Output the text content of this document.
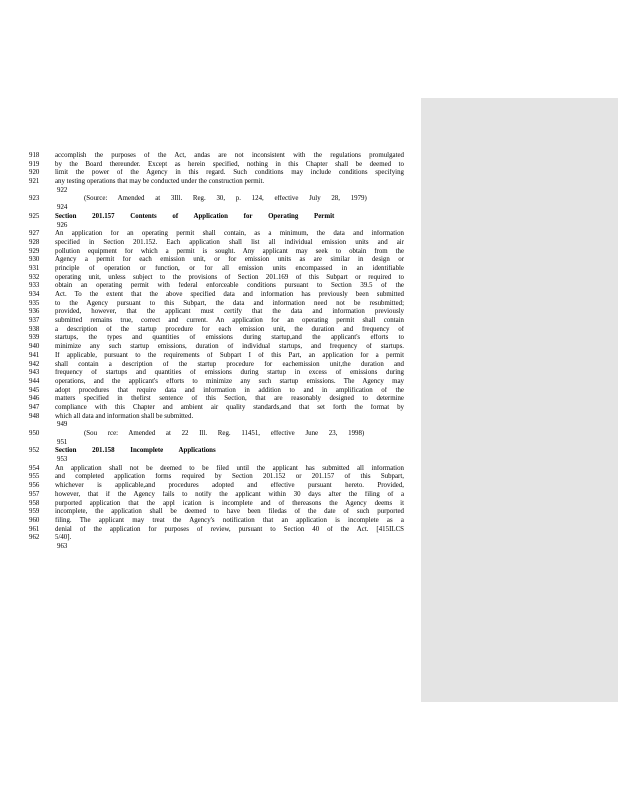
918	accomplish the purposes of the Act, andas are not inconsistent with the regulations promulgated
919	by the Board thereunder. Except as herein specified, nothing in this Chapter shall be deemed to
920	limit the power of the Agency in this regard. Such conditions may include conditions specifying
921	any testing operations that may be conducted under the construction permit.
922
923	(Source: Amended at 3Ill. Reg. 30, p. 124, effective July 28, 1979)
924
925	Section 201.157 Contents of Application for Operating Permit
926
927	An application for an operating permit shall contain, as a minimum, the data and information
928	specified in Section 201.152. Each application shall list all individual emission units and air
929	pollution equipment for which a permit is sought. Any applicant may seek to obtain from the
930	Agency a permit for each emission unit, or for emission units as are similar in design or
931	principle of operation or function, or for all emission units encompassed in an identifiable
932	operating unit, unless subject to the provisions of Section 201.169 of this Subpart or required to
933	obtain an operating permit with federal enforceable conditions pursuant to Section 39.5 of the
934	Act. To the extent that the above specified data and information has previously been submitted
935	to the Agency pursuant to this Subpart, the data and information need not be resubmitted;
936	provided, however, that the applicant must certify that the data and information previously
937	submitted remains true, correct and current. An application for an operating permit shall contain
938	a description of the startup procedure for each emission unit, the duration and frequency of
939	startups, the types and quantities of emissions during startup,and the applicant's efforts to
940	minimize any such startup emissions, duration of individual startups, and frequency of startups.
941	If applicable, pursuant to the requirements of Subpart I of this Part, an application for a permit
942	shall contain a description of the startup procedure for eachemission unit,the duration and
943	frequency of startups and quantities of emissions during startup in excess of emissions during
944	operations, and the applicant's efforts to minimize any such startup emissions. The Agency may
945	adopt procedures that require data and information in addition to and in amplification of the
946	matters specified in thefirst sentence of this Section, that are reasonably designed to determine
947	compliance with this Chapter and ambient air quality standards,and that set forth the format by
948	which all data and information shall be submitted.
949
950	(Sou rce: Amended at 22 Ill. Reg. 11451, effective June 23, 1998)
951
952	Section 201.158 Incomplete Applications
953
954	An application shall not be deemed to be filed until the applicant has submitted all information
955	and completed application forms required by Section 201.152 or 201.157 of this Subpart,
956	whichever is applicable,and procedures adopted and effective pursuant hereto. Provided,
957	however, that if the Agency fails to notify the applicant within 30 days after the filing of a
958	purported application that the appl ication is incomplete and of thereasons the Agency deems it
959	incomplete, the application shall be deemed to have been filedas of the date of such purported
960	filing. The applicant may treat the Agency's notification that an application is incomplete as a
961	denial of the application for purposes of review, pursuant to Section 40 of the Act. [415ILCS
962	5/40].
963
